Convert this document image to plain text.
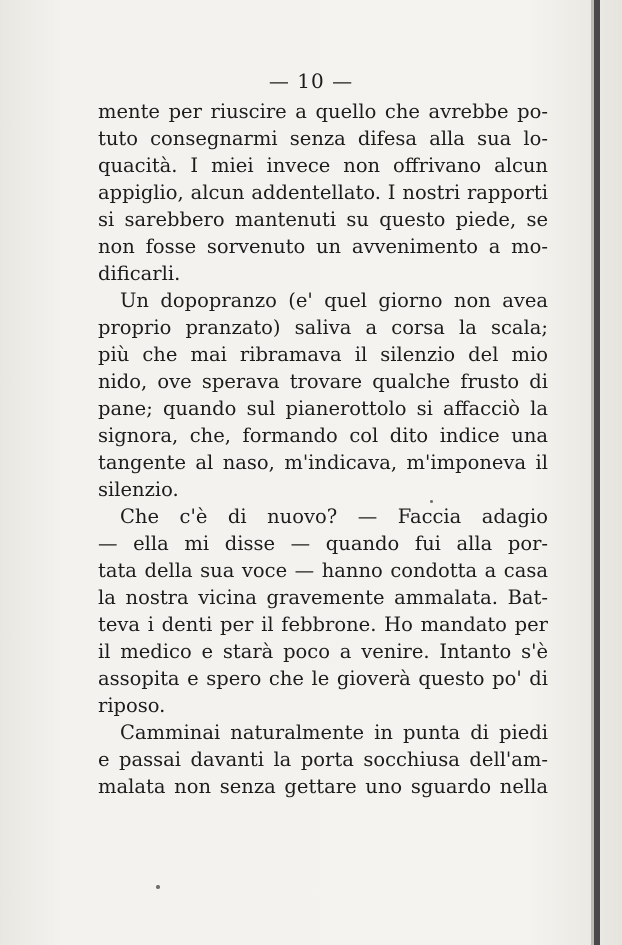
— 10 —
mente per riuscire a quello che avrebbe po-
tuto consegnarmi senza difesa alla sua lo-
quacità. I miei invece non offrivano alcun
appiglio, alcun addentellato. I nostri rapporti
si sarebbero mantenuti su questo piede, se
non fosse sorvenuto un avvenimento a mo-
dificarli.
Un dopopranzo (e' quel giorno non avea
proprio pranzato) saliva a corsa la scala;
più che mai ribramava il silenzio del mio
nido, ove sperava trovare qualche frusto di
pane; quando sul pianerottolo si affacciò la
signora, che, formando col dito indice una
tangente al naso, m'indicava, m'imponeva il
silenzio.
Che c'è di nuovo? — Faccia adagio
— ella mi disse — quando fui alla por-
tata della sua voce — hanno condotta a casa
la nostra vicina gravemente ammalata. Bat-
teva i denti per il febbrone. Ho mandato per
il medico e starà poco a venire. Intanto s'è
assopita e spero che le gioverà questo po' di
riposo.
Camminai naturalmente in punta di piedi
e passai davanti la porta socchiusa dell'am-
malata non senza gettare uno sguardo nella
